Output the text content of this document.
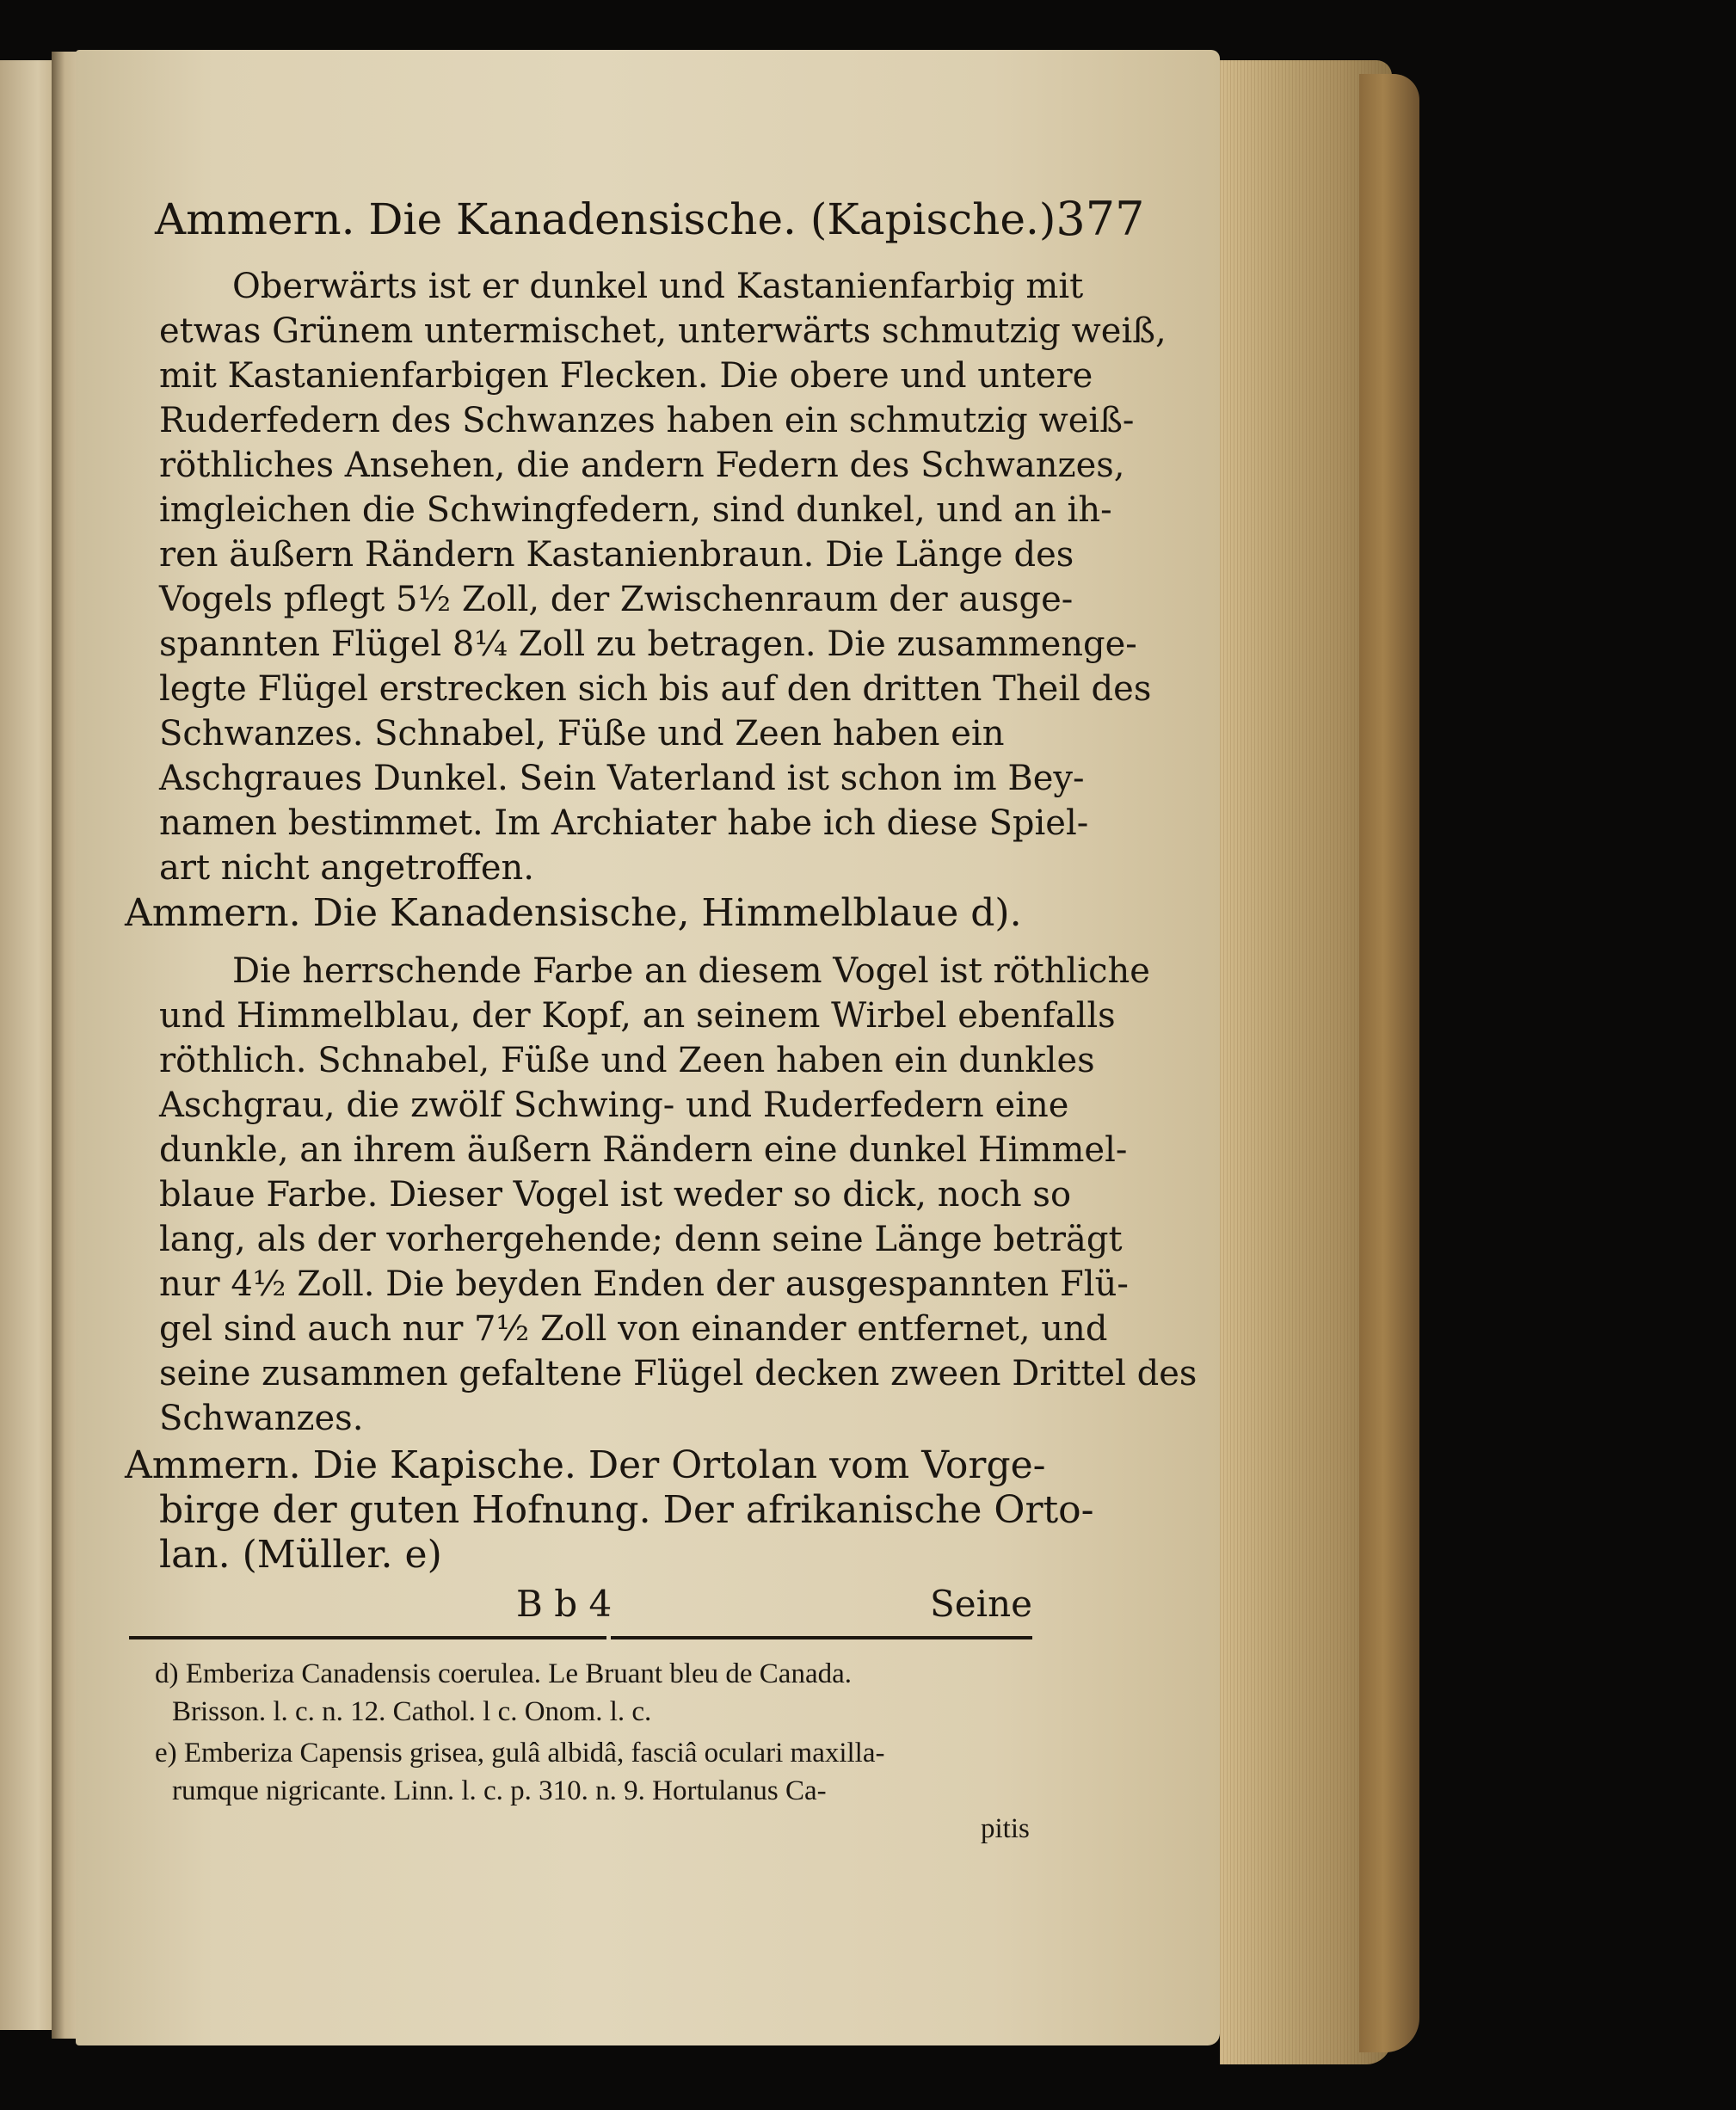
Ammern. Die Kanadensische. (Kapische.) 377
Oberwärts ist er dunkel und Kastanienfarbig mit
etwas Grünem untermischet, unterwärts schmutzig weiß,
mit Kastanienfarbigen Flecken. Die obere und untere
Ruderfedern des Schwanzes haben ein schmutzig weiß-
röthliches Ansehen, die andern Federn des Schwanzes,
imgleichen die Schwingfedern, sind dunkel, und an ih-
ren äußern Rändern Kastanienbraun. Die Länge des
Vogels pflegt 5½ Zoll, der Zwischenraum der ausge-
spannten Flügel 8¼ Zoll zu betragen. Die zusammenge-
legte Flügel erstrecken sich bis auf den dritten Theil des
Schwanzes. Schnabel, Füße und Zeen haben ein
Aschgraues Dunkel. Sein Vaterland ist schon im Bey-
namen bestimmet. Im Archiater habe ich diese Spiel-
art nicht angetroffen.
Ammern. Die Kanadensische, Himmelblaue d).
Die herrschende Farbe an diesem Vogel ist röthliche
und Himmelblau, der Kopf, an seinem Wirbel ebenfalls
röthlich. Schnabel, Füße und Zeen haben ein dunkles
Aschgrau, die zwölf Schwing- und Ruderfedern eine
dunkle, an ihrem äußern Rändern eine dunkel Himmel-
blaue Farbe. Dieser Vogel ist weder so dick, noch so
lang, als der vorhergehende; denn seine Länge beträgt
nur 4½ Zoll. Die beyden Enden der ausgespannten Flü-
gel sind auch nur 7½ Zoll von einander entfernet, und
seine zusammen gefaltene Flügel decken zween Drittel des
Schwanzes.
Ammern. Die Kapische. Der Ortolan vom Vorge-
birge der guten Hofnung. Der afrikanische Orto-
lan. (Müller. e)
B b 4	Seine
d) Emberiza Canadensis coerulea. Le Bruant bleu de Canada.
Brisson. l. c. n. 12. Cathol. l c. Onom. l. c.
e) Emberiza Capensis grisea, gulâ albidâ, fasciâ oculari maxilla-
rumque nigricante. Linn. l. c. p. 310. n. 9. Hortulanus Ca-
pitis
